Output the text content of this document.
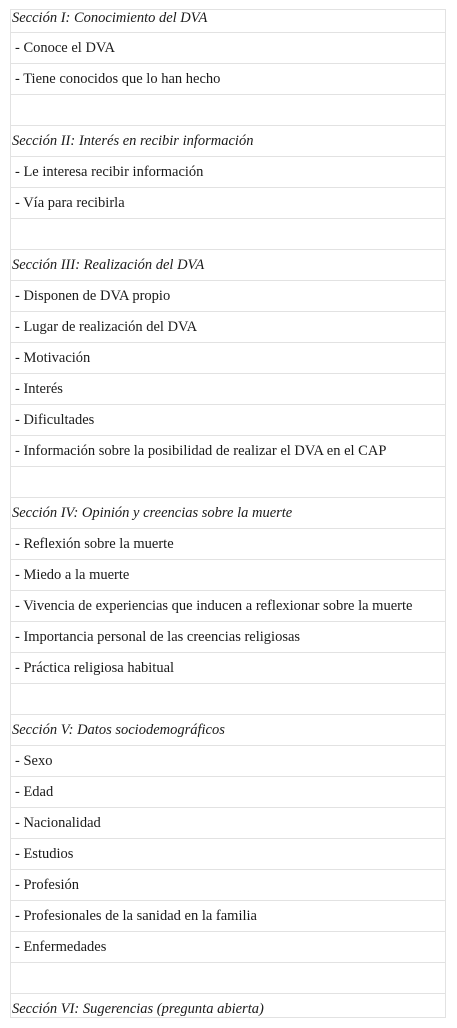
Sección I: Conocimiento del DVA
- Conoce el DVA
- Tiene conocidos que lo han hecho
Sección II: Interés en recibir información
- Le interesa recibir información
- Vía para recibirla
Sección III: Realización del DVA
- Disponen de DVA propio
- Lugar de realización del DVA
- Motivación
- Interés
- Dificultades
- Información sobre la posibilidad de realizar el DVA en el CAP
Sección IV: Opinión y creencias sobre la muerte
- Reflexión sobre la muerte
- Miedo a la muerte
- Vivencia de experiencias que inducen a reflexionar sobre la muerte
- Importancia personal de las creencias religiosas
- Práctica religiosa habitual
Sección V: Datos sociodemográficos
- Sexo
- Edad
- Nacionalidad
- Estudios
- Profesión
- Profesionales de la sanidad en la familia
- Enfermedades
Sección VI: Sugerencias (pregunta abierta)
